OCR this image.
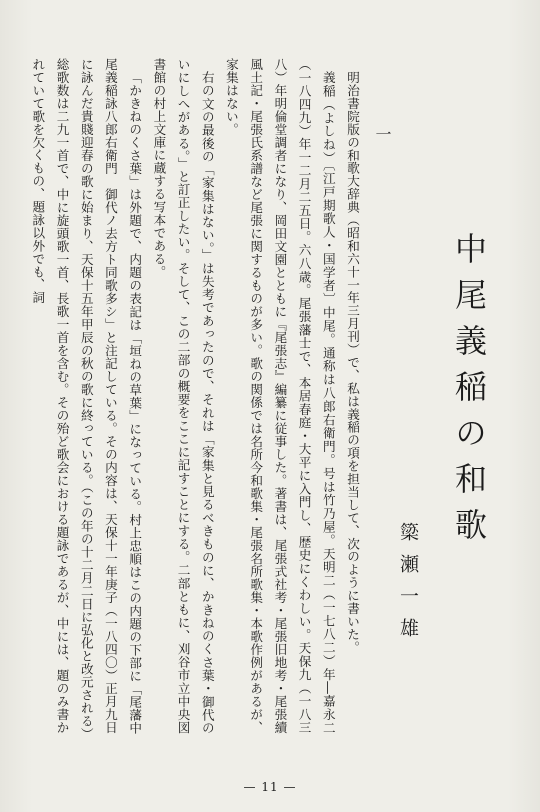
中尾義稲の和歌
簗瀬一雄
一

明治書院版の和歌大辞典（昭和六十一年三月刊）で、私は義稲の項を担当して、次のように書いた。

義稲（よしね）〔江戸期歌人・国学者〕中尾。通称は八郎右衛門。号は竹乃屋。天明二（一七八二）年―嘉永二（一八四九）年一二月二五日。六八歳。尾張藩士で、本居春庭・大平に入門し、歴史にくわしい。天保九（一八三八）年明倫堂調者になり、岡田文園とともに『尾張志』編纂に従事した。著書は、尾張式社考・尾張旧地考・尾張續風土記・尾張氏系譜など尾張に関するものが多い。歌の関係では名所今和歌集・尾張名所歌集・本歌作例があるが、家集はない。

右の文の最後の「家集はない。」は失考であったので、それは「家集と見るべきものに、かきねのくさ葉・御代のいにしへがある。」と訂正したい。そして、この二部の概要をここに記すことにする。二部ともに、刈谷市立中央図書館の村上文庫に蔵する写本である。

「かきねのくさ葉」は外題で、内題の表記は「垣ねの草葉」になっている。村上忠順はこの内題の下部に「尾藩中尾義稲詠八郎右衛門　御代ノ去方ト同歌多シ」と注記している。その内容は、天保十一年庚子（一八四〇）正月九日に詠んだ貴賤迎春の歌に始まり、天保十五年甲辰の秋の歌に終っている。（この年の十二月二日に弘化と改元される）総歌数は二九一首で、中に旋頭歌一首、長歌一首を含む。その殆ど歌会における題詠であるが、中には、題のみ書かれていて歌を欠くもの、題詠以外でも、詞

— 11 —
